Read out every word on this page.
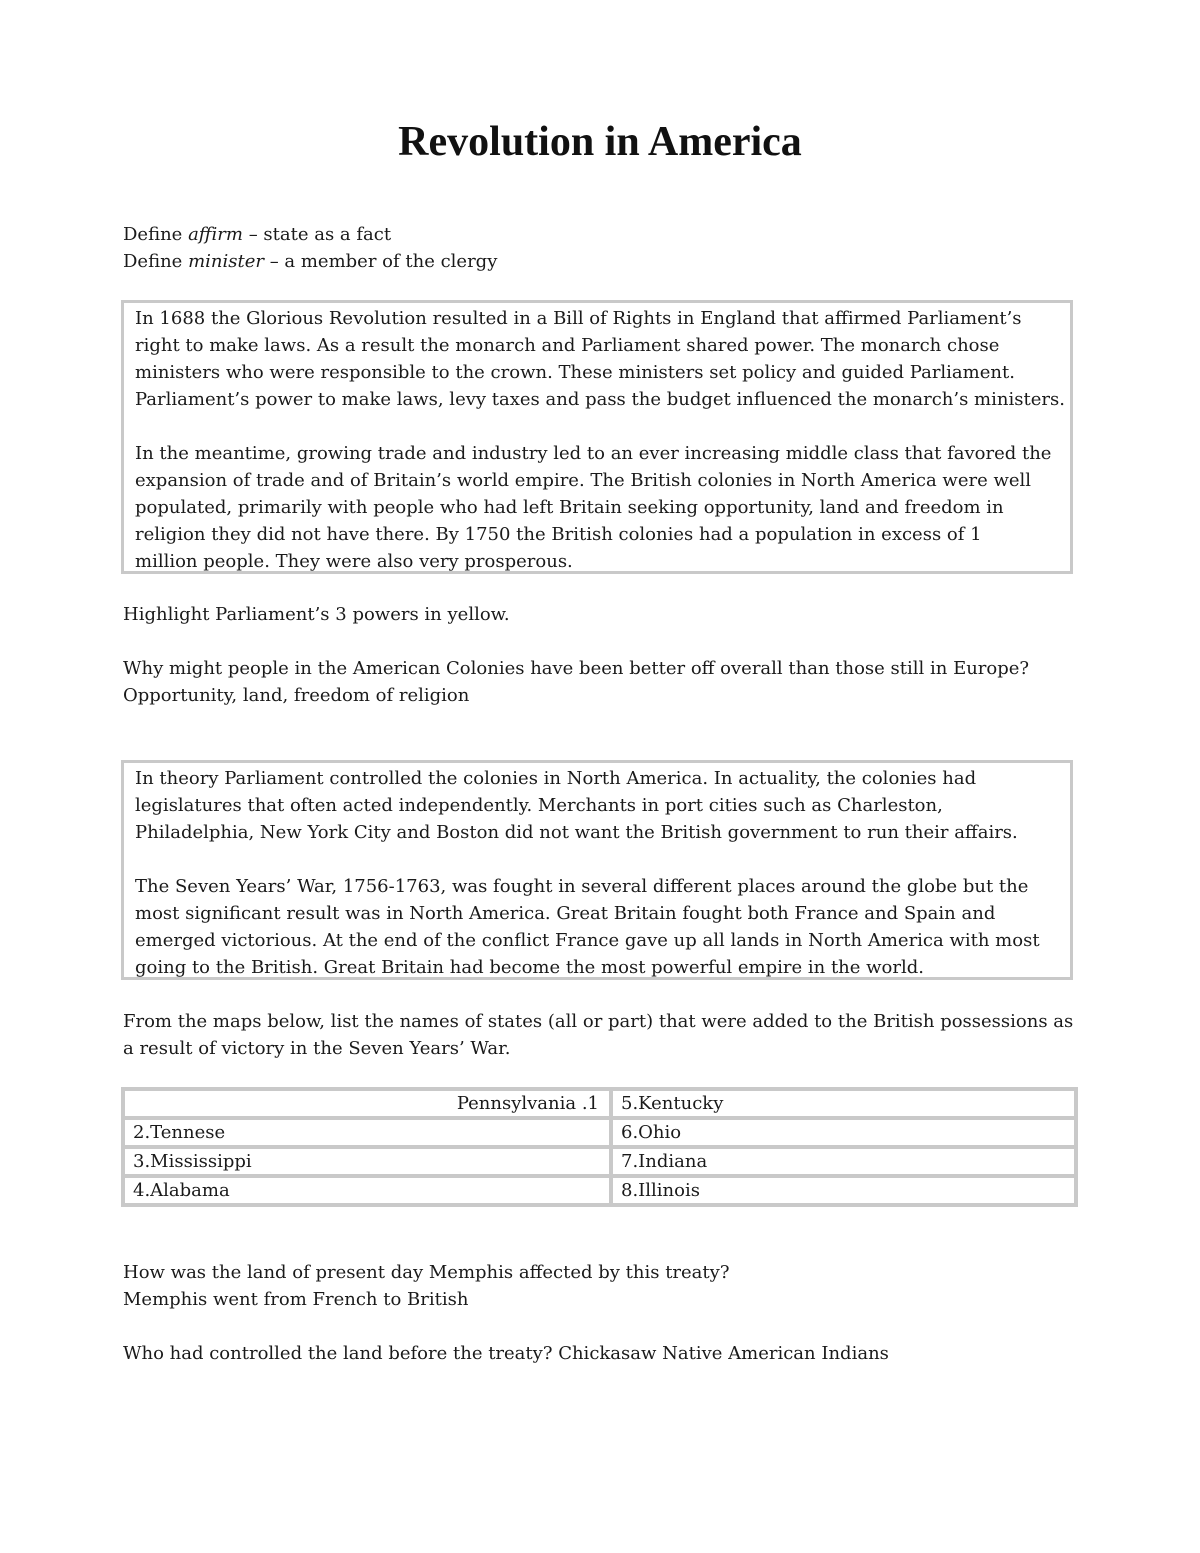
Revolution in America
Define affirm – state as a fact
Define minister – a member of the clergy
In 1688 the Glorious Revolution resulted in a Bill of Rights in England that affirmed Parliament’s
right to make laws. As a result the monarch and Parliament shared power. The monarch chose
ministers who were responsible to the crown. These ministers set policy and guided Parliament.
Parliament’s power to make laws, levy taxes and pass the budget influenced the monarch’s ministers.
In the meantime, growing trade and industry led to an ever increasing middle class that favored the
expansion of trade and of Britain’s world empire. The British colonies in North America were well
populated, primarily with people who had left Britain seeking opportunity, land and freedom in
religion they did not have there. By 1750 the British colonies had a population in excess of 1
million people. They were also very prosperous.
Highlight Parliament’s 3 powers in yellow.
Why might people in the American Colonies have been better off overall than those still in Europe?
Opportunity, land, freedom of religion
In theory Parliament controlled the colonies in North America. In actuality, the colonies had
legislatures that often acted independently. Merchants in port cities such as Charleston,
Philadelphia, New York City and Boston did not want the British government to run their affairs.
The Seven Years’ War, 1756-1763, was fought in several different places around the globe but the
most significant result was in North America. Great Britain fought both France and Spain and
emerged victorious. At the end of the conflict France gave up all lands in North America with most
going to the British. Great Britain had become the most powerful empire in the world.
From the maps below, list the names of states (all or part) that were added to the British possessions as
a result of victory in the Seven Years’ War.
Pennsylvania .1	5.Kentucky
2.Tennese	6.Ohio
3.Mississippi	7.Indiana
4.Alabama	8.Illinois
How was the land of present day Memphis affected by this treaty?
Memphis went from French to British
Who had controlled the land before the treaty? Chickasaw Native American Indians
